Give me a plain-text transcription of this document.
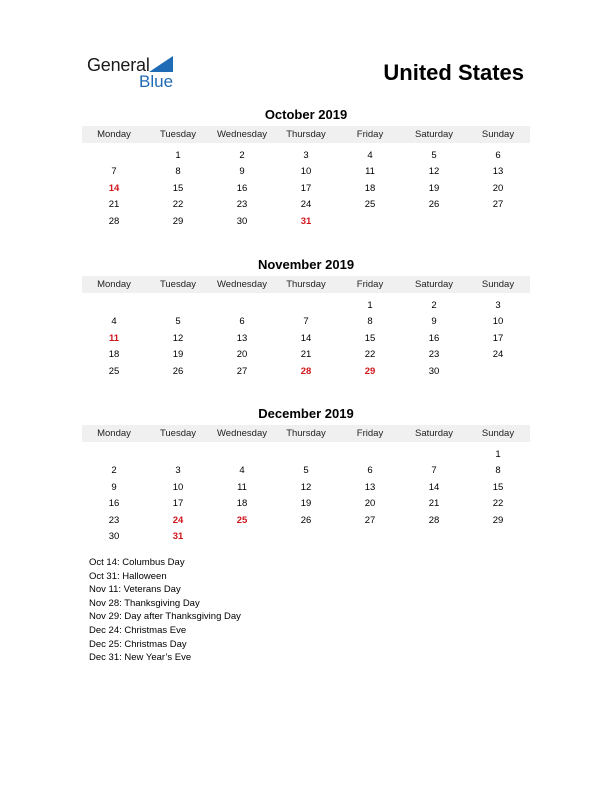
General
Blue	United States
October 2019
Monday	Tuesday	Wednesday	Thursday	Friday	Saturday	Sunday

	1	2	3	4	5	6
7	8	9	10	11	12	13
14	15	16	17	18	19	20
21	22	23	24	25	26	27
28	29	30	31			
November 2019
Monday	Tuesday	Wednesday	Thursday	Friday	Saturday	Sunday

				1	2	3
4	5	6	7	8	9	10
11	12	13	14	15	16	17
18	19	20	21	22	23	24
25	26	27	28	29	30	
December 2019
Monday	Tuesday	Wednesday	Thursday	Friday	Saturday	Sunday

						1
2	3	4	5	6	7	8
9	10	11	12	13	14	15
16	17	18	19	20	21	22
23	24	25	26	27	28	29
30	31					
Oct 14: Columbus Day
Oct 31: Halloween
Nov 11: Veterans Day
Nov 28: Thanksgiving Day
Nov 29: Day after Thanksgiving Day
Dec 24: Christmas Eve
Dec 25: Christmas Day
Dec 31: New Year’s Eve
